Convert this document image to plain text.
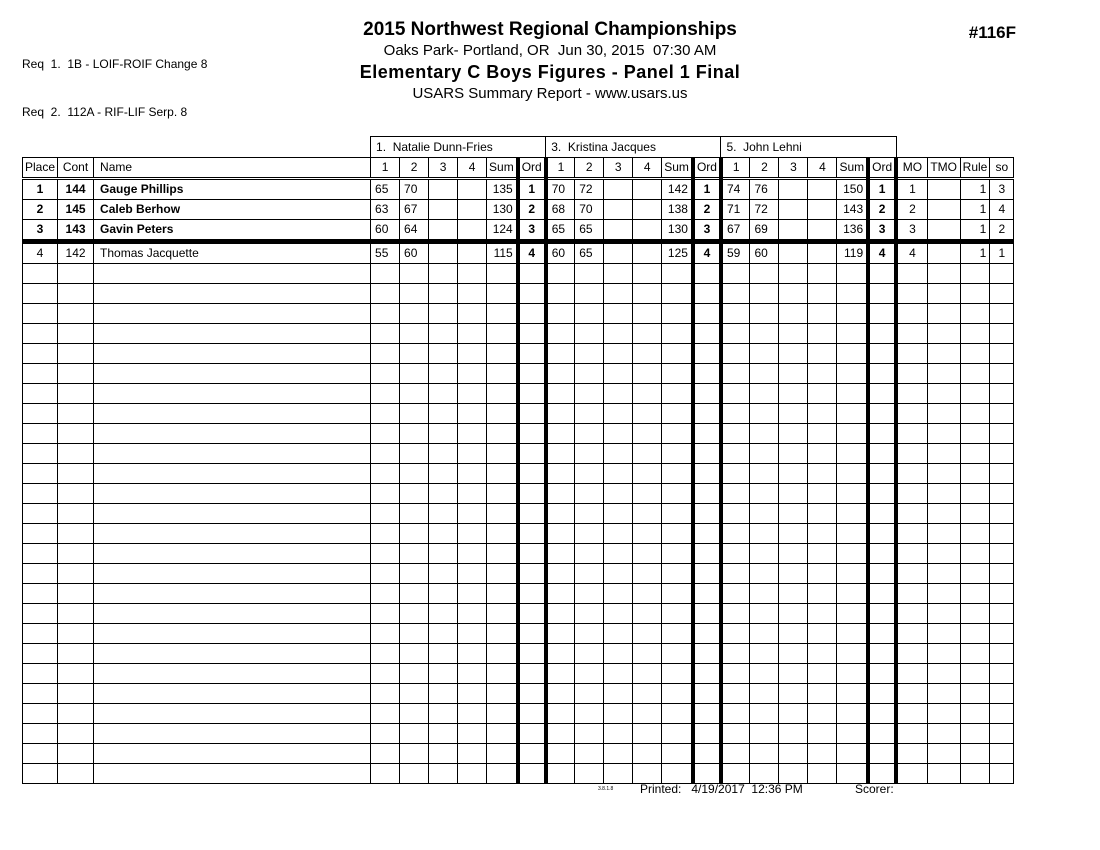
Req  1.  1B - LOIF-ROIF Change 8

Req  2.  112A - RIF-LIF Serp. 8

2015 Northwest Regional Championships
Oaks Park- Portland, OR  Jun 30, 2015  07:30 AM
Elementary C Boys Figures - Panel 1 Final
USARS Summary Report - www.usars.us
#116F
			1.  Natalie Dunn-Fries						3.  Kristina Jacques						5.  John Lehni									
Place	Cont	Name	1	2	3	4	Sum	Ord	1	2	3	4	Sum	Ord	1	2	3	4	Sum	Ord	MO	TMO	Rule	so
1	144	Gauge Phillips	65	70			135	1	70	72			142	1	74	76			150	1	1		1	3
2	145	Caleb Berhow	63	67			130	2	68	70			138	2	71	72			143	2	2		1	4
3	143	Gavin Peters	60	64			124	3	65	65			130	3	67	69			136	3	3		1	2
4	142	Thomas Jacquette	55	60			115	4	60	65			125	4	59	60			119	4	4		1	1

3.8.1.8 Printed: 4/19/2017  12:36 PM	Scorer:
